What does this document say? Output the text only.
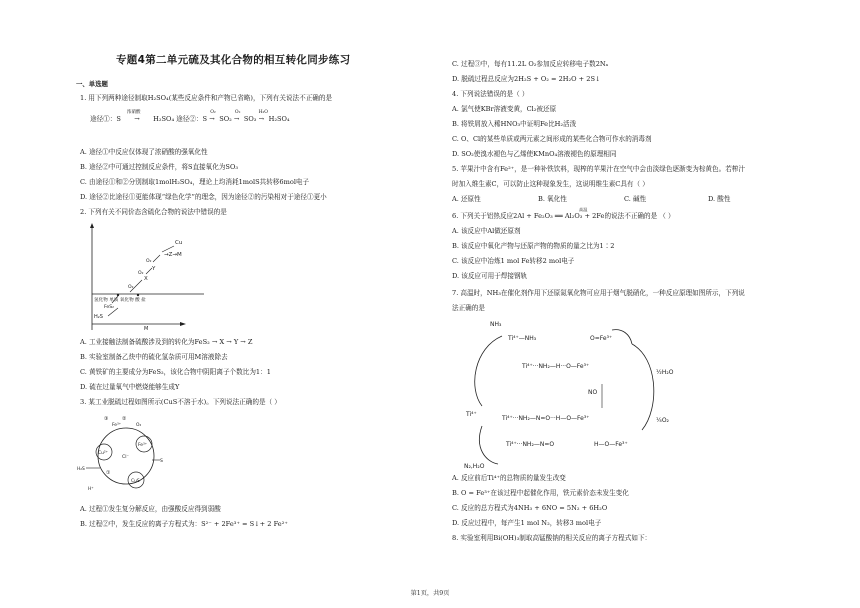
专题4第二单元硫及其化合物的相互转化同步练习
一、单选题
1. 用下列两种途径制取H₂SO₄(某些反应条件和产物已省略)，下列有关说法不正确的是
途径①：S
浓硝酸
→ H₂SO₄ 途径②：S
O₂
→ SO₂
O₂
→ SO₃
H₂O
→ H₂SO₄
A. 途径①中反应仅体现了浓硝酸的强氧化性
B. 途径②中可通过控制反应条件，将S直接氧化为SO₃
C. 由途径①和②分别制取1molH₂SO₄，理论上均消耗1molS共转移6mol电子
D. 途径②比途径①更能体现“绿色化学”的理念，因为途径②的污染相对于途径①更小
2. 下列有关不同价态含硫化合物的说法中错误的是
Cu
→Z→M
O₂
Y
O₂
X
O₂
氢化物 单质 氧化物 酸 盐
FeS₂
H₂S
M
A. 工业接触法制备硫酸涉及到的转化为FeS₂ → X → Y → Z
B. 实验室制备乙炔中的硫化氢杂质可用M溶液除去
C. 黄铁矿的主要成分为FeS₂，该化合物中阴阳离子个数比为1：1
D. 硫在过量氧气中燃烧能够生成Y
3. 某工业脱硫过程如图所示(CuS不溶于水)。下列说法正确的是（ ）
②
Fe³⁺	O₂
③
Cu²⁺
Fe³⁺
Cl⁻
CuS
H₂S
①
H⁺
S
A. 过程①发生复分解反应，由强酸反应得到弱酸
B. 过程②中，发生反应的离子方程式为：S²⁻ + 2Fe³⁺ = S↓+ 2 Fe²⁺
C. 过程③中，每有11.2L O₂参加反应转移电子数2Nₐ
D. 脱硫过程总反应为2H₂S + O₂ = 2H₂O + 2S↓
4. 下列说法错误的是（ ）
A. 氯气使KBr溶液变黄，Cl₂被还原
B. 将铁屑放入稀HNO₃中证明Fe比H₂活泼
C. O、Cl的某些单质或两元素之间形成的某些化合物可作水的消毒剂
D. SO₂使溴水褪色与乙烯使KMnO₄溶液褪色的原理相同
5. 苹果汁中含有Fe²⁺，是一种补铁饮料，现榨的苹果汁在空气中会由淡绿色逐渐变为棕黄色。若榨汁
时加入维生素C，可以防止这种现象发生，这说明维生素C具有（ ）
A. 还原性	B. 氧化性	C. 碱性	D. 酸性
6. 下列关于铝热反应2Al + Fe₂O₃ ══ Al₂O₃ + 2Fe的说法不正确的是 （ ）
高温
A. 该反应中Al做还原剂
B. 该反应中氧化产物与还原产物的物质的量之比为1∶2
C. 该反应中冶炼1 mol Fe转移2 mol电子
D. 该反应可用于焊接钢轨
7. 高温时，NH₃在催化剂作用下还原氮氧化物可应用于烟气脱硝化，一种反应原理如图所示，下列说
法正确的是
NH₃
Ti⁴⁺—NH₃	O=Fe³⁺
Ti⁴⁺···NH₂—H···O—Fe³⁺
NO
Ti⁴⁺···NH₂—N=O···H—O—Fe³⁺
Ti⁴⁺···NH₂—N=O	H—O—Fe³⁺
Ti⁴⁺
½H₂O
¼O₂
N₂,H₂O
A. 反应前后Ti⁴⁺的总物质的量发生改变
B. O = Fe³⁺在该过程中起催化作用，铁元素价态未发生变化
C. 反应的总方程式为4NH₃ + 6NO = 5N₂ + 6H₂O
D. 反应过程中，每产生1 mol N₂，转移3 mol电子
8. 实验室利用Bi(OH)₃制取高锰酸钠的相关反应的离子方程式如下：
第1页，共9页
